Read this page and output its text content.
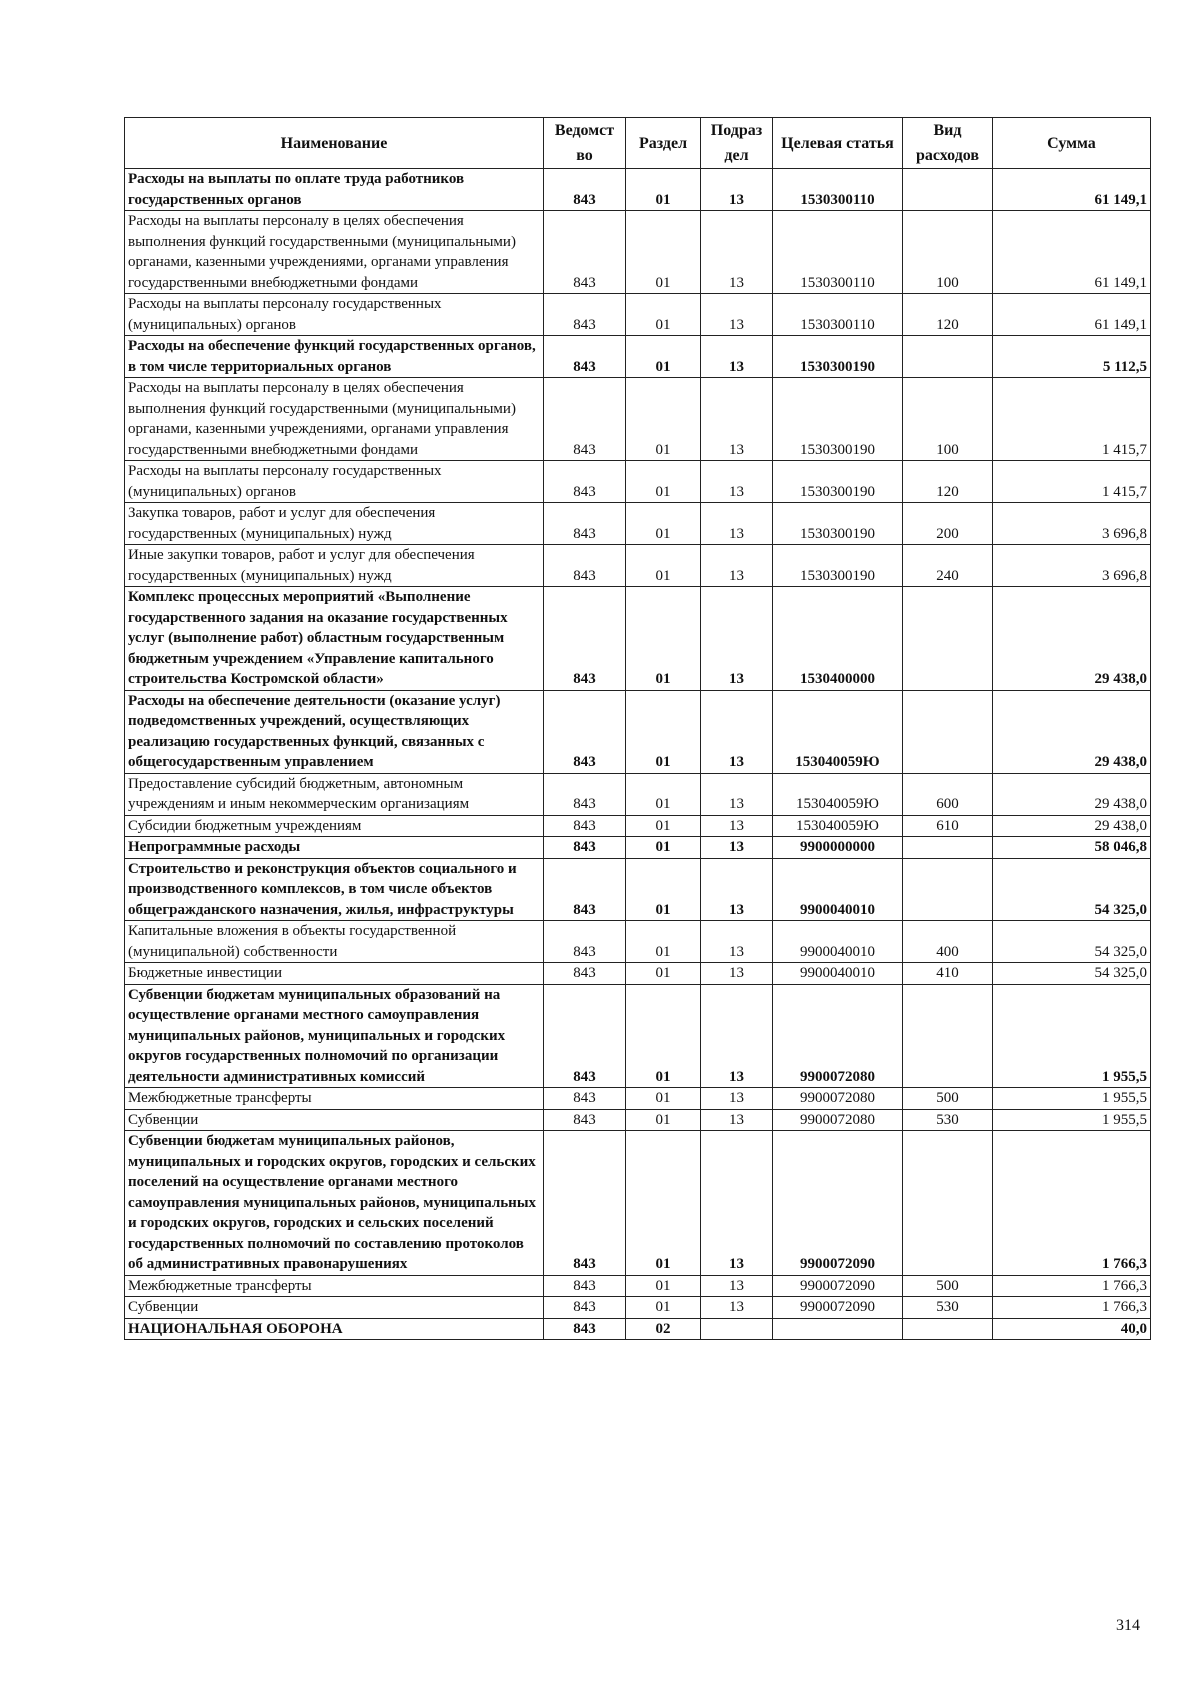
Наименование	Ведомст во	Раздел	Подраз дел	Целевая статья	Вид расходов	Сумма
Расходы на выплаты по оплате труда работников государственных органов	843	01	13	1530300110		61 149,1
Расходы на выплаты персоналу в целях обеспечения выполнения функций государственными (муниципальными) органами, казенными учреждениями, органами управления государственными внебюджетными фондами	843	01	13	1530300110	100	61 149,1
Расходы на выплаты персоналу государственных (муниципальных) органов	843	01	13	1530300110	120	61 149,1
Расходы на обеспечение функций государственных органов, в том числе территориальных органов	843	01	13	1530300190		5 112,5
Расходы на выплаты персоналу в целях обеспечения выполнения функций государственными (муниципальными) органами, казенными учреждениями, органами управления государственными внебюджетными фондами	843	01	13	1530300190	100	1 415,7
Расходы на выплаты персоналу государственных (муниципальных) органов	843	01	13	1530300190	120	1 415,7
Закупка товаров, работ и услуг для обеспечения государственных (муниципальных) нужд	843	01	13	1530300190	200	3 696,8
Иные закупки товаров, работ и услуг для обеспечения государственных (муниципальных) нужд	843	01	13	1530300190	240	3 696,8
Комплекс процессных мероприятий «Выполнение государственного задания на оказание государственных услуг (выполнение работ) областным государственным бюджетным учреждением «Управление капитального строительства Костромской области»	843	01	13	1530400000		29 438,0
Расходы на обеспечение деятельности (оказание услуг) подведомственных учреждений, осуществляющих реализацию государственных функций, связанных с общегосударственным управлением	843	01	13	153040059Ю		29 438,0
Предоставление субсидий бюджетным, автономным учреждениям и иным некоммерческим организациям	843	01	13	153040059Ю	600	29 438,0
Субсидии бюджетным учреждениям	843	01	13	153040059Ю	610	29 438,0
Непрограммные расходы	843	01	13	9900000000		58 046,8
Строительство и реконструкция объектов социального и производственного комплексов, в том числе объектов общегражданского назначения, жилья, инфраструктуры	843	01	13	9900040010		54 325,0
Капитальные вложения в объекты государственной (муниципальной) собственности	843	01	13	9900040010	400	54 325,0
Бюджетные инвестиции	843	01	13	9900040010	410	54 325,0
Субвенции бюджетам муниципальных образований на осуществление органами местного самоуправления муниципальных районов, муниципальных и городских округов государственных полномочий по организации деятельности административных комиссий	843	01	13	9900072080		1 955,5
Межбюджетные трансферты	843	01	13	9900072080	500	1 955,5
Субвенции	843	01	13	9900072080	530	1 955,5
Субвенции бюджетам муниципальных районов, муниципальных и городских округов, городских и сельских поселений на осуществление органами местного самоуправления муниципальных районов, муниципальных и городских округов, городских и сельских поселений государственных полномочий по составлению протоколов об административных правонарушениях	843	01	13	9900072090		1 766,3
Межбюджетные трансферты	843	01	13	9900072090	500	1 766,3
Субвенции	843	01	13	9900072090	530	1 766,3
НАЦИОНАЛЬНАЯ ОБОРОНА	843	02				40,0
314
